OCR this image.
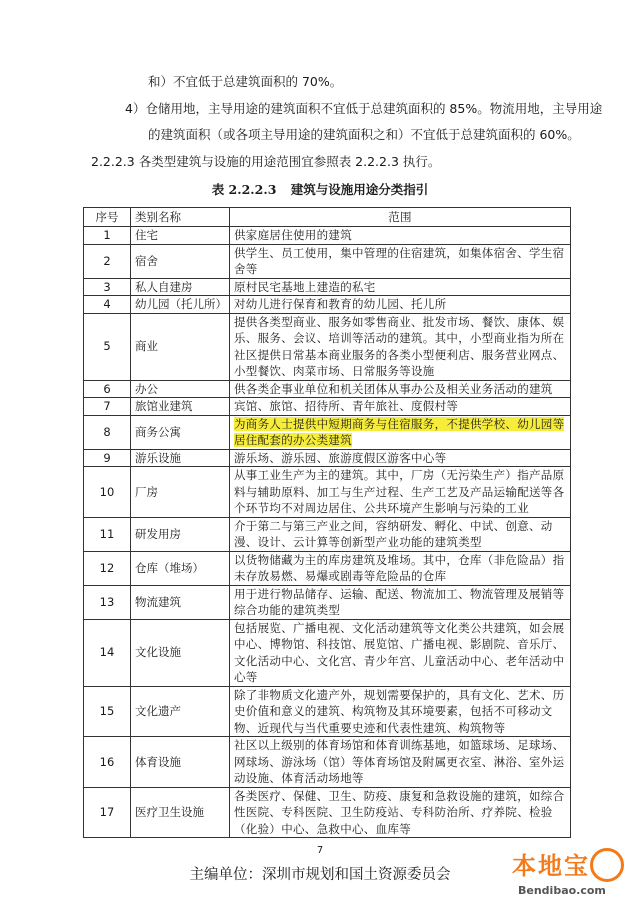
和）不宜低于总建筑面积的 70%。
4）仓储用地，主导用途的建筑面积不宜低于总建筑面积的 85%。物流用地，主导用途
的建筑面积（或各项主导用途的建筑面积之和）不宜低于总建筑面积的 60%。
2.2.2.3 各类型建筑与设施的用途范围宜参照表 2.2.2.3 执行。
表 2.2.2.3 建筑与设施用途分类指引
序号	类别名称	范围
1	住宅	供家庭居住使用的建筑
2	宿舍	供学生、员工使用，集中管理的住宿建筑，如集体宿舍、学生宿舍等
3	私人自建房	原村民宅基地上建造的私宅
4	幼儿园（托儿所）	对幼儿进行保育和教育的幼儿园、托儿所
5	商业	提供各类型商业、服务如零售商业、批发市场、餐饮、康体、娱乐、服务、会议、培训等活动的建筑。其中，小型商业指为所在社区提供日常基本商业服务的各类小型便利店、服务营业网点、小型餐饮、肉菜市场、日常服务等设施
6	办公	供各类企事业单位和机关团体从事办公及相关业务活动的建筑
7	旅馆业建筑	宾馆、旅馆、招待所、青年旅社、度假村等
8	商务公寓	为商务人士提供中短期商务与住宿服务，不提供学校、幼儿园等居住配套的办公类建筑
9	游乐设施	游乐场、游乐园、旅游度假区游客中心等
10	厂房	从事工业生产为主的建筑。其中，厂房（无污染生产）指产品原料与辅助原料、加工与生产过程、生产工艺及产品运输配送等各个环节均不对周边居住、公共环境产生影响与污染的工业
11	研发用房	介于第二与第三产业之间，容纳研发、孵化、中试、创意、动漫、设计、云计算等创新型产业功能的建筑类型
12	仓库（堆场）	以货物储藏为主的库房建筑及堆场。其中，仓库（非危险品）指未存放易燃、易爆或剧毒等危险品的仓库
13	物流建筑	用于进行物品储存、运输、配送、物流加工、物流管理及展销等综合功能的建筑类型
14	文化设施	包括展览、广播电视、文化活动建筑等文化类公共建筑，如会展中心、博物馆、科技馆、展览馆、广播电视、影剧院、音乐厅、文化活动中心、文化宫、青少年宫、儿童活动中心、老年活动中心等
15	文化遗产	除了非物质文化遗产外，规划需要保护的，具有文化、艺术、历史价值和意义的建筑、构筑物及其环境要素，包括不可移动文物、近现代与当代重要史迹和代表性建筑、构筑物等
16	体育设施	社区以上级别的体育场馆和体育训练基地，如篮球场、足球场、网球场、游泳场（馆）等体育场馆及附属更衣室、淋浴、室外运动设施、体育活动场地等
17	医疗卫生设施	各类医疗、保健、卫生、防疫、康复和急救设施的建筑，如综合性医院、专科医院、卫生防疫站、专科防治所、疗养院、检验（化验）中心、急救中心、血库等
7
主编单位：深圳市规划和国土资源委员会	本地宝
Bendibao.com
